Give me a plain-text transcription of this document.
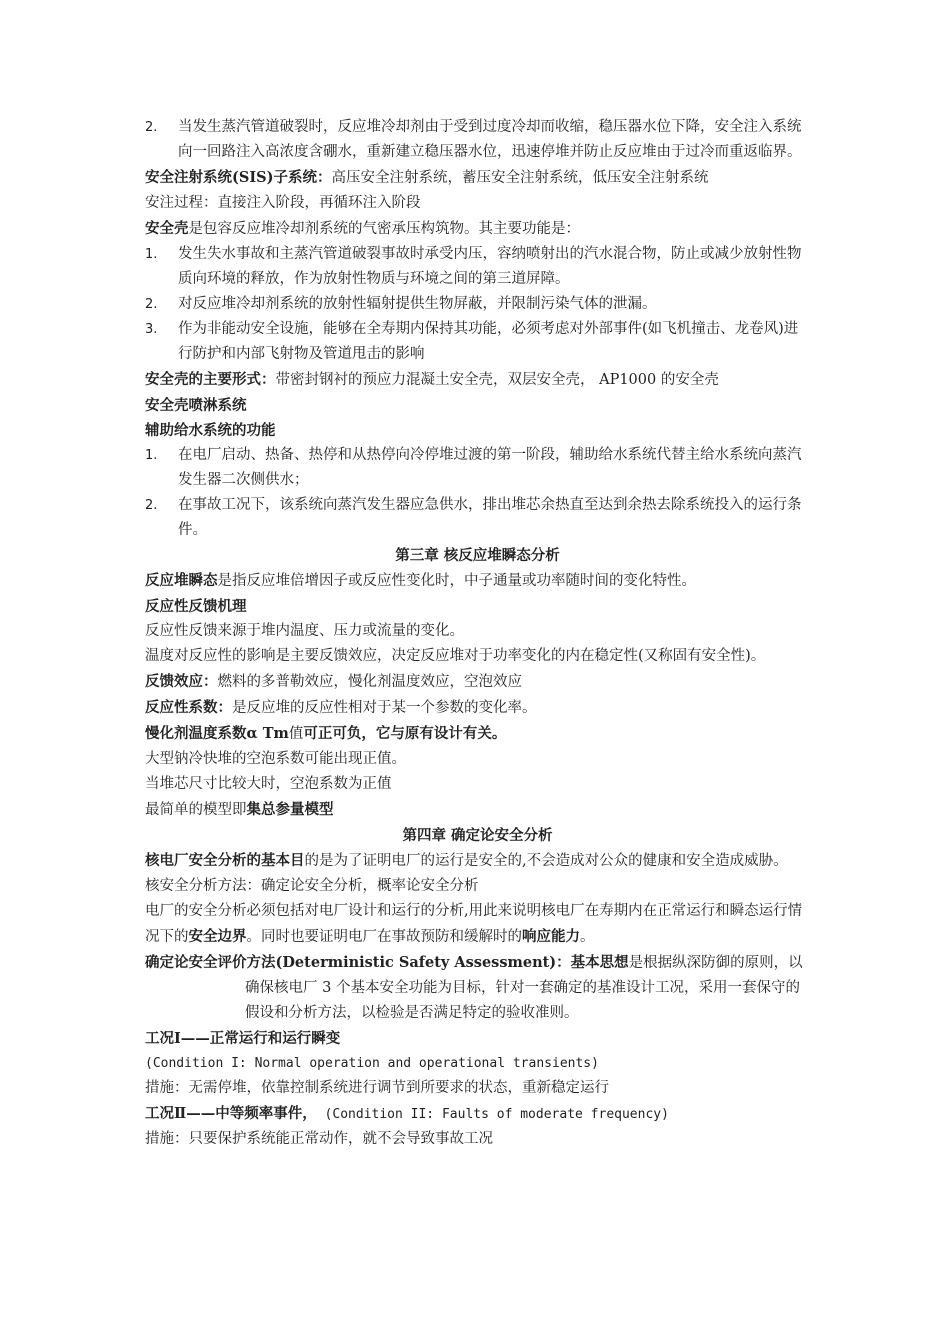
2. 当发生蒸汽管道破裂时，反应堆冷却剂由于受到过度冷却而收缩，稳压器水位下降，安全注入系统向一回路注入高浓度含硼水，重新建立稳压器水位，迅速停堆并防止反应堆由于过冷而重返临界。

安全注射系统(SIS)子系统：高压安全注射系统，蓄压安全注射系统，低压安全注射系统

安注过程：直接注入阶段，再循环注入阶段

安全壳是包容反应堆冷却剂系统的气密承压构筑物。其主要功能是：

1. 发生失水事故和主蒸汽管道破裂事故时承受内压，容纳喷射出的汽水混合物，防止或减少放射性物质向环境的释放，作为放射性物质与环境之间的第三道屏障。

2. 对反应堆冷却剂系统的放射性辐射提供生物屏蔽，并限制污染气体的泄漏。

3. 作为非能动安全设施，能够在全寿期内保持其功能，必须考虑对外部事件(如飞机撞击、龙卷风)进行防护和内部飞射物及管道甩击的影响

安全壳的主要形式：带密封钢衬的预应力混凝土安全壳，双层安全壳， AP1000 的安全壳

安全壳喷淋系统

辅助给水系统的功能

1. 在电厂启动、热备、热停和从热停向冷停堆过渡的第一阶段，辅助给水系统代替主给水系统向蒸汽发生器二次侧供水；

2. 在事故工况下，该系统向蒸汽发生器应急供水，排出堆芯余热直至达到余热去除系统投入的运行条件。

第三章 核反应堆瞬态分析

反应堆瞬态是指反应堆倍增因子或反应性变化时，中子通量或功率随时间的变化特性。

反应性反馈机理

反应性反馈来源于堆内温度、压力或流量的变化。

温度对反应性的影响是主要反馈效应，决定反应堆对于功率变化的内在稳定性(又称固有安全性)。

反馈效应：燃料的多普勒效应，慢化剂温度效应，空泡效应

反应性系数：是反应堆的反应性相对于某一个参数的变化率。

慢化剂温度系数α Tm值可正可负，它与原有设计有关。

大型钠冷快堆的空泡系数可能出现正值。

当堆芯尺寸比较大时，空泡系数为正值

最简单的模型即集总参量模型

第四章 确定论安全分析

核电厂安全分析的基本目的是为了证明电厂的运行是安全的,不会造成对公众的健康和安全造成威胁。

核安全分析方法：确定论安全分析，概率论安全分析

电厂的安全分析必须包括对电厂设计和运行的分析,用此来说明核电厂在寿期内在正常运行和瞬态运行情况下的安全边界。同时也要证明电厂在事故预防和缓解时的响应能力。

确定论安全评价方法(Deterministic Safety Assessment)：基本思想是根据纵深防御的原则，以确保核电厂 3 个基本安全功能为目标，针对一套确定的基准设计工况，采用一套保守的假设和分析方法，以检验是否满足特定的验收准则。

工况Ⅰ——正常运行和运行瞬变

(Condition I: Normal operation and operational transients)

措施：无需停堆，依靠控制系统进行调节到所要求的状态，重新稳定运行

工况Ⅱ——中等频率事件， (Condition II: Faults of moderate frequency)

措施：只要保护系统能正常动作，就不会导致事故工况
